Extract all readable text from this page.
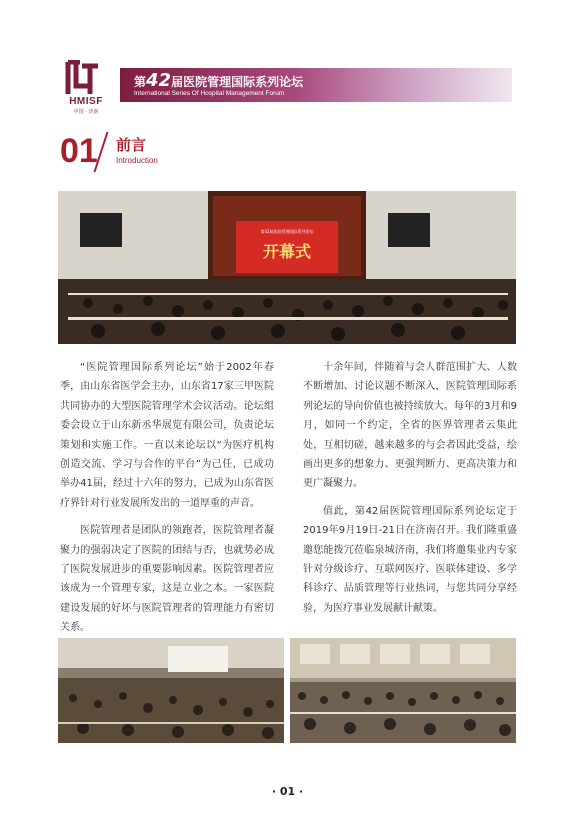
HMISF
中国 · 济南
第42届医院管理国际系列论坛
International Series Of Hospital Management Forum
01 前言
Introduction
第42届医院管理国际系列论坛
开幕式

“医院管理国际系列论坛”始于2002年春季，由山东省医学会主办，山东省17家三甲医院共同协办的大型医院管理学术会议活动。论坛组委会设立于山东新丞华展览有限公司，负责论坛策划和实施工作。一直以来论坛以“为医疗机构创造交流、学习与合作的平台”为己任，已成功举办41届，经过十六年的努力，已成为山东省医疗界针对行业发展所发出的一道厚重的声音。

医院管理者是团队的领跑者，医院管理者凝聚力的强弱决定了医院的团结与否，也就势必成了医院发展进步的重要影响因素。医院管理者应该成为一个管理专家，这是立业之本。一家医院建设发展的好坏与医院管理者的管理能力有密切关系。

十余年间，伴随着与会人群范围扩大、人数不断增加、讨论议题不断深入，医院管理国际系列论坛的导向价值也被持续放大。每年的3月和9月，如同一个约定，全省的医界管理者云集此处，互相切磋，越来越多的与会者因此受益，绘画出更多的想象力、更强判断力、更高决策力和更广凝聚力。

值此，第42届医院管理国际系列论坛定于2019年9月19日-21日在济南召开。我们隆重盛邀您能拨冗莅临泉城济南，我们将邀集业内专家针对分级诊疗、互联网医疗、医联体建设、多学科诊疗、品质管理等行业热词，与您共同分享经验，为医疗事业发展献计献策。

· 01 ·
